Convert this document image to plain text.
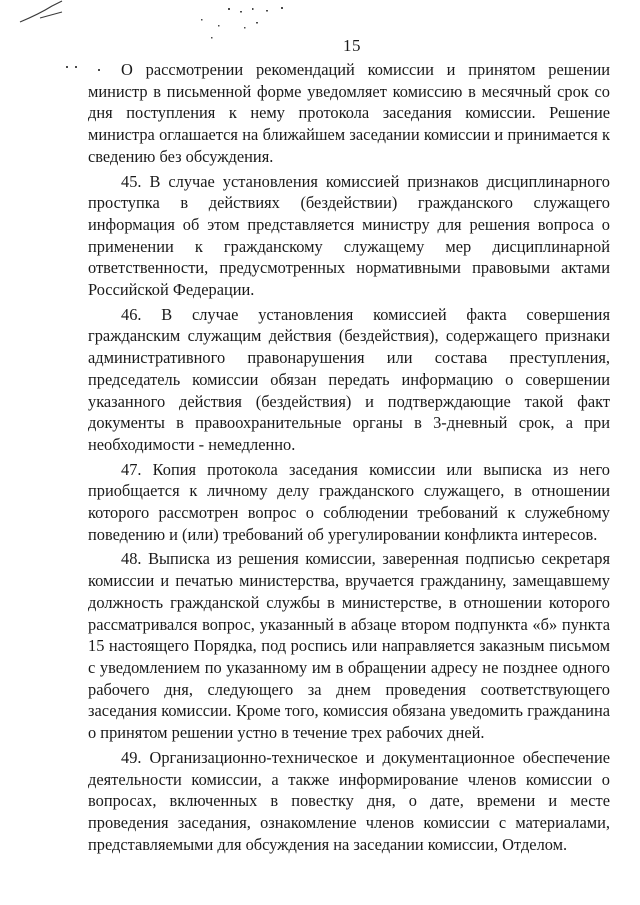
15

О рассмотрении рекомендаций комиссии и принятом решении министр в письменной форме уведомляет комиссию в месячный срок со дня поступления к нему протокола заседания комиссии. Решение министра оглашается на ближайшем заседании комиссии и принимается к сведению без обсуждения.

45. В случае установления комиссией признаков дисциплинарного проступка в действиях (бездействии) гражданского служащего информация об этом представляется министру для решения вопроса о применении к гражданскому служащему мер дисциплинарной ответственности, предусмотренных нормативными правовыми актами Российской Федерации.

46. В случае установления комиссией факта совершения гражданским служащим действия (бездействия), содержащего признаки административного правонарушения или состава преступления, председатель комиссии обязан передать информацию о совершении указанного действия (бездействия) и подтверждающие такой факт документы в правоохранительные органы в 3-дневный срок, а при необходимости - немедленно.

47. Копия протокола заседания комиссии или выписка из него приобщается к личному делу гражданского служащего, в отношении которого рассмотрен вопрос о соблюдении требований к служебному поведению и (или) требований об урегулировании конфликта интересов.

48. Выписка из решения комиссии, заверенная подписью секретаря комиссии и печатью министерства, вручается гражданину, замещавшему должность гражданской службы в министерстве, в отношении которого рассматривался вопрос, указанный в абзаце втором подпункта «б» пункта 15 настоящего Порядка, под роспись или направляется заказным письмом с уведомлением по указанному им в обращении адресу не позднее одного рабочего дня, следующего за днем проведения соответствующего заседания комиссии. Кроме того, комиссия обязана уведомить гражданина о принятом решении устно в течение трех рабочих дней.

49. Организационно-техническое и документационное обеспечение деятельности комиссии, а также информирование членов комиссии о вопросах, включенных в повестку дня, о дате, времени и месте проведения заседания, ознакомление членов комиссии с материалами, представляемыми для обсуждения на заседании комиссии, Отделом.
